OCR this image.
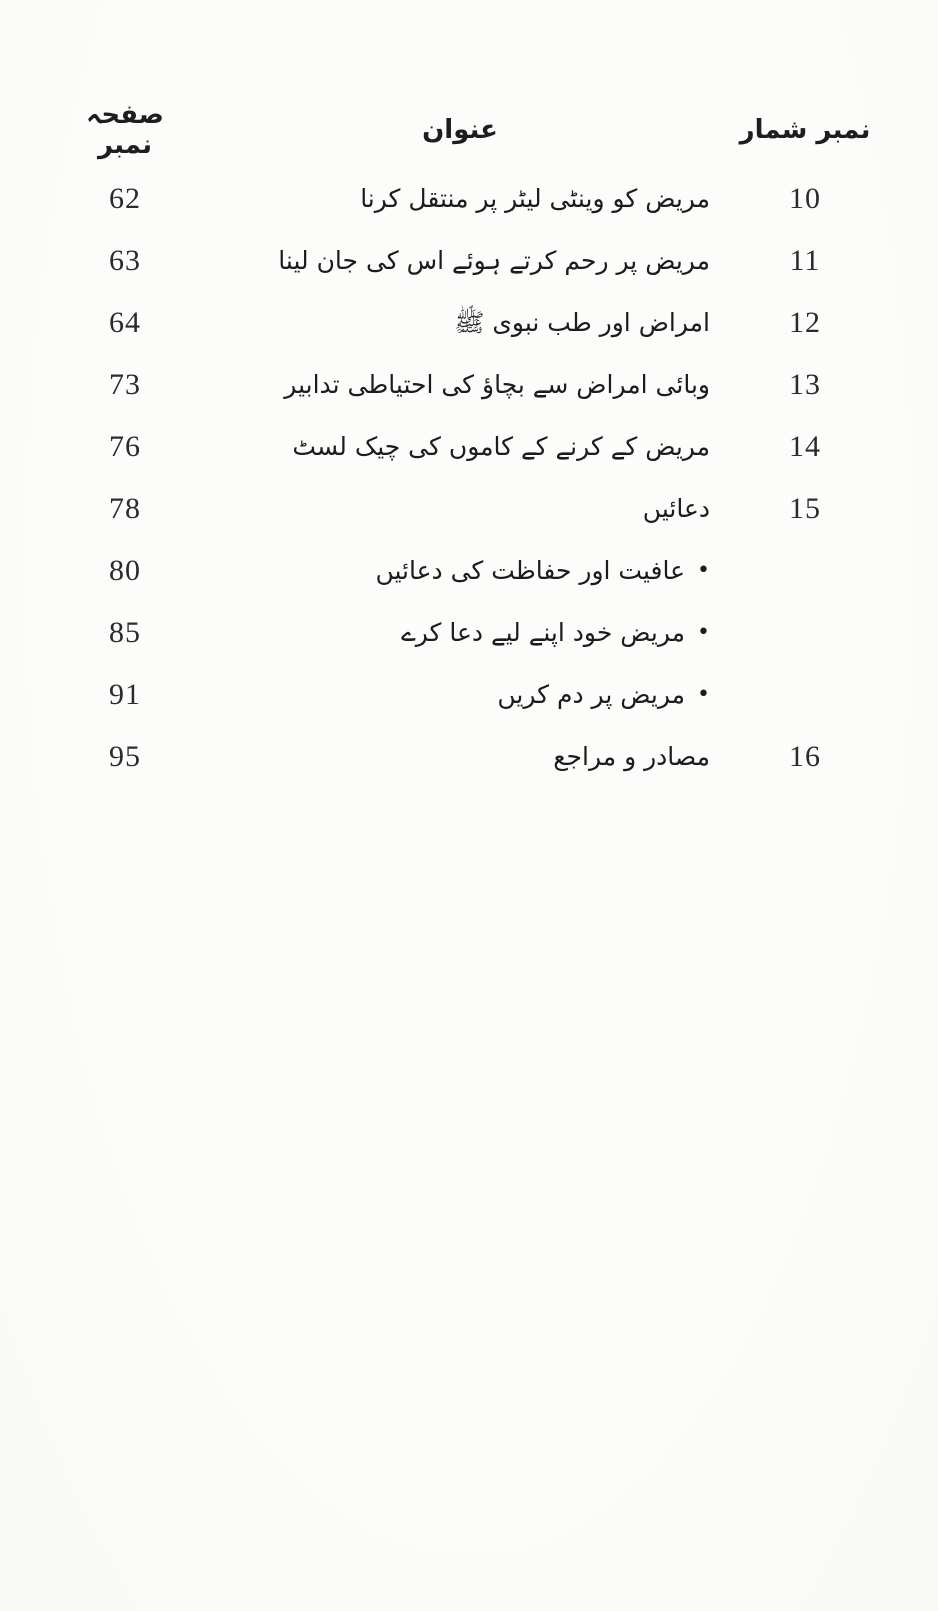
صفحہ نمبر	عنوان	نمبر شمار
62	مریض کو وینٹی لیٹر پر منتقل کرنا	10
63	مریض پر رحم کرتے ہوئے اس کی جان لینا	11
64	امراض اور طب نبوی ﷺ	12
73	وبائی امراض سے بچاؤ کی احتیاطی تدابیر	13
76	مریض کے کرنے کے کاموں کی چیک لسٹ	14
78	دعائیں	15
80	•عافیت اور حفاظت کی دعائیں
85	•مریض خود اپنے لیے دعا کرے
91	•مریض پر دم کریں
95	مصادر و مراجع	16
